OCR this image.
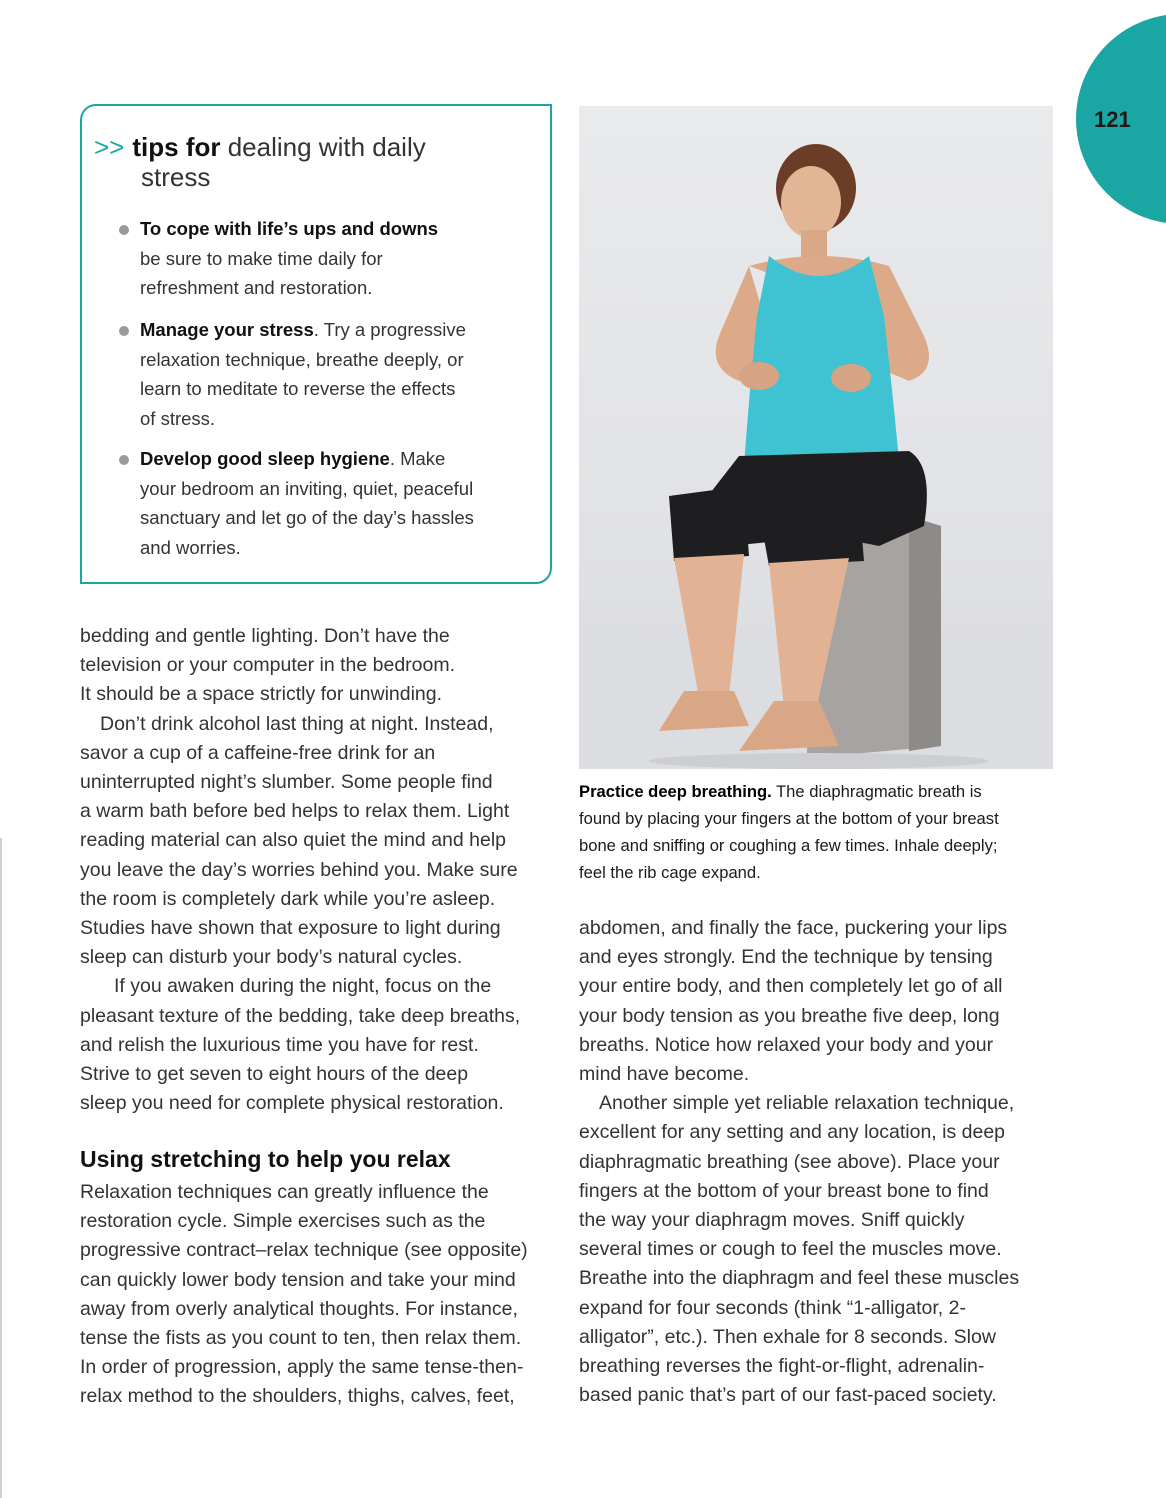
121
>> tips for dealing with daily
stress
To cope with life’s ups and downs
be sure to make time daily for
refreshment and restoration.
Manage your stress. Try a progressive
relaxation technique, breathe deeply, or
learn to meditate to reverse the effects
of stress.
Develop good sleep hygiene. Make
your bedroom an inviting, quiet, peaceful
sanctuary and let go of the day’s hassles
and worries.
Practice deep breathing. The diaphragmatic breath is
found by placing your fingers at the bottom of your breast
bone and sniffing or coughing a few times. Inhale deeply;
feel the rib cage expand.
bedding and gentle lighting. Don’t have the
television or your computer in the bedroom.
It should be a space strictly for unwinding.
Don’t drink alcohol last thing at night. Instead,
savor a cup of a caffeine-free drink for an
uninterrupted night’s slumber. Some people find
a warm bath before bed helps to relax them. Light
reading material can also quiet the mind and help
you leave the day’s worries behind you. Make sure
the room is completely dark while you’re asleep.
Studies have shown that exposure to light during
sleep can disturb your body’s natural cycles.
If you awaken during the night, focus on the
pleasant texture of the bedding, take deep breaths,
and relish the luxurious time you have for rest.
Strive to get seven to eight hours of the deep
sleep you need for complete physical restoration.
Using stretching to help you relax
Relaxation techniques can greatly influence the
restoration cycle. Simple exercises such as the
progressive contract–relax technique (see opposite)
can quickly lower body tension and take your mind
away from overly analytical thoughts. For instance,
tense the fists as you count to ten, then relax them.
In order of progression, apply the same tense-then-
relax method to the shoulders, thighs, calves, feet,
abdomen, and finally the face, puckering your lips
and eyes strongly. End the technique by tensing
your entire body, and then completely let go of all
your body tension as you breathe five deep, long
breaths. Notice how relaxed your body and your
mind have become.
Another simple yet reliable relaxation technique,
excellent for any setting and any location, is deep
diaphragmatic breathing (see above). Place your
fingers at the bottom of your breast bone to find
the way your diaphragm moves. Sniff quickly
several times or cough to feel the muscles move.
Breathe into the diaphragm and feel these muscles
expand for four seconds (think “1-alligator, 2-
alligator”, etc.). Then exhale for 8 seconds. Slow
breathing reverses the fight-or-flight, adrenalin-
based panic that’s part of our fast-paced society.
